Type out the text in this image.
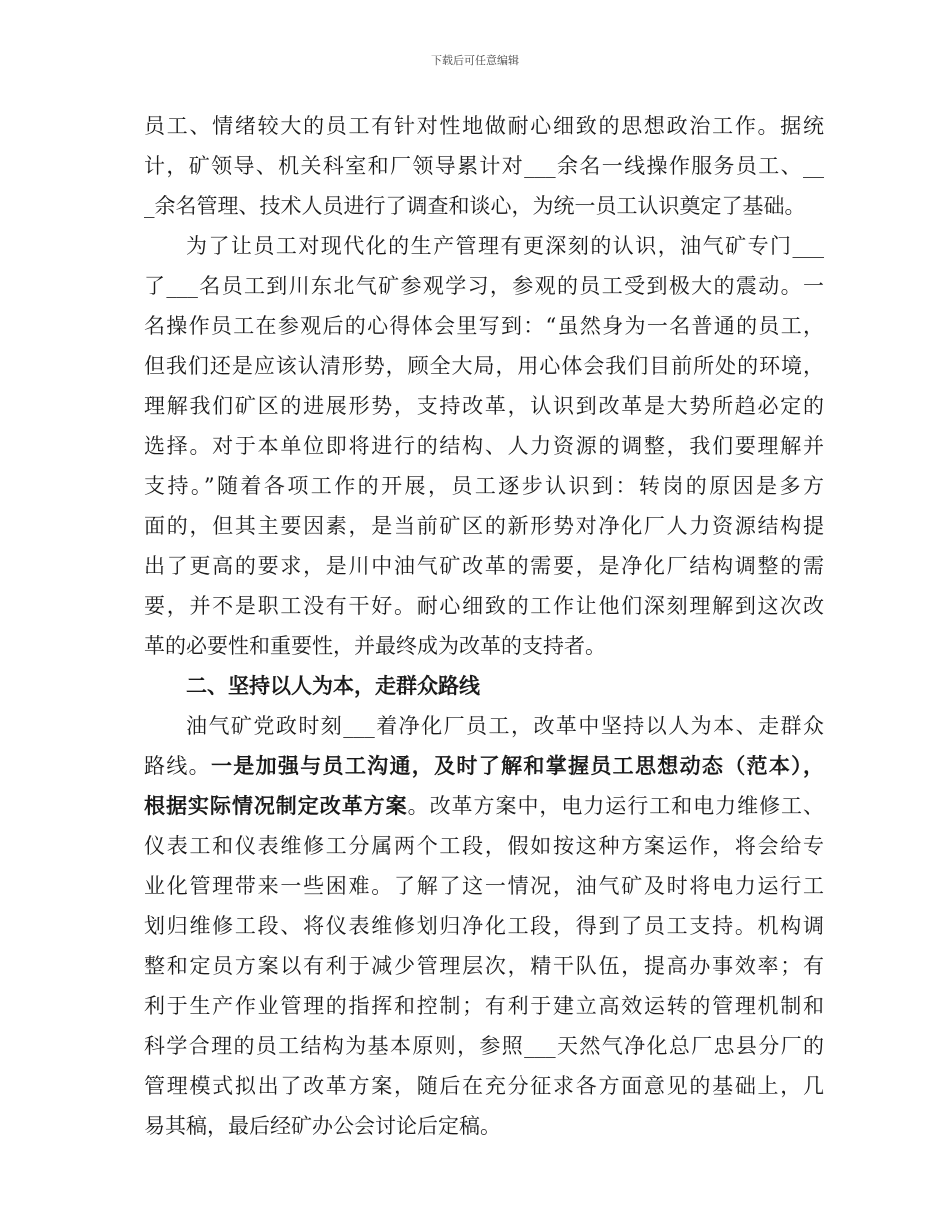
下载后可任意编辑
员工、情绪较大的员工有针对性地做耐心细致的思想政治工作。据统
计，矿领导、机关科室和厂领导累计对___余名一线操作服务员工、__
_余名管理、技术人员进行了调查和谈心，为统一员工认识奠定了基础。
为了让员工对现代化的生产管理有更深刻的认识，油气矿专门___
了___名员工到川东北气矿参观学习，参观的员工受到极大的震动。一
名操作员工在参观后的心得体会里写到：“虽然身为一名普通的员工，
但我们还是应该认清形势，顾全大局，用心体会我们目前所处的环境，
理解我们矿区的进展形势，支持改革，认识到改革是大势所趋必定的
选择。对于本单位即将进行的结构、人力资源的调整，我们要理解并
支持。”随着各项工作的开展，员工逐步认识到：转岗的原因是多方
面的，但其主要因素，是当前矿区的新形势对净化厂人力资源结构提
出了更高的要求，是川中油气矿改革的需要，是净化厂结构调整的需
要，并不是职工没有干好。耐心细致的工作让他们深刻理解到这次改
革的必要性和重要性，并最终成为改革的支持者。
二、坚持以人为本，走群众路线
油气矿党政时刻___着净化厂员工，改革中坚持以人为本、走群众
路线。一是加强与员工沟通，及时了解和掌握员工思想动态（范本），
根据实际情况制定改革方案。改革方案中，电力运行工和电力维修工、
仪表工和仪表维修工分属两个工段，假如按这种方案运作，将会给专
业化管理带来一些困难。了解了这一情况，油气矿及时将电力运行工
划归维修工段、将仪表维修划归净化工段，得到了员工支持。机构调
整和定员方案以有利于减少管理层次，精干队伍，提高办事效率；有
利于生产作业管理的指挥和控制；有利于建立高效运转的管理机制和
科学合理的员工结构为基本原则，参照___天然气净化总厂忠县分厂的
管理模式拟出了改革方案，随后在充分征求各方面意见的基础上，几
易其稿，最后经矿办公会讨论后定稿。
